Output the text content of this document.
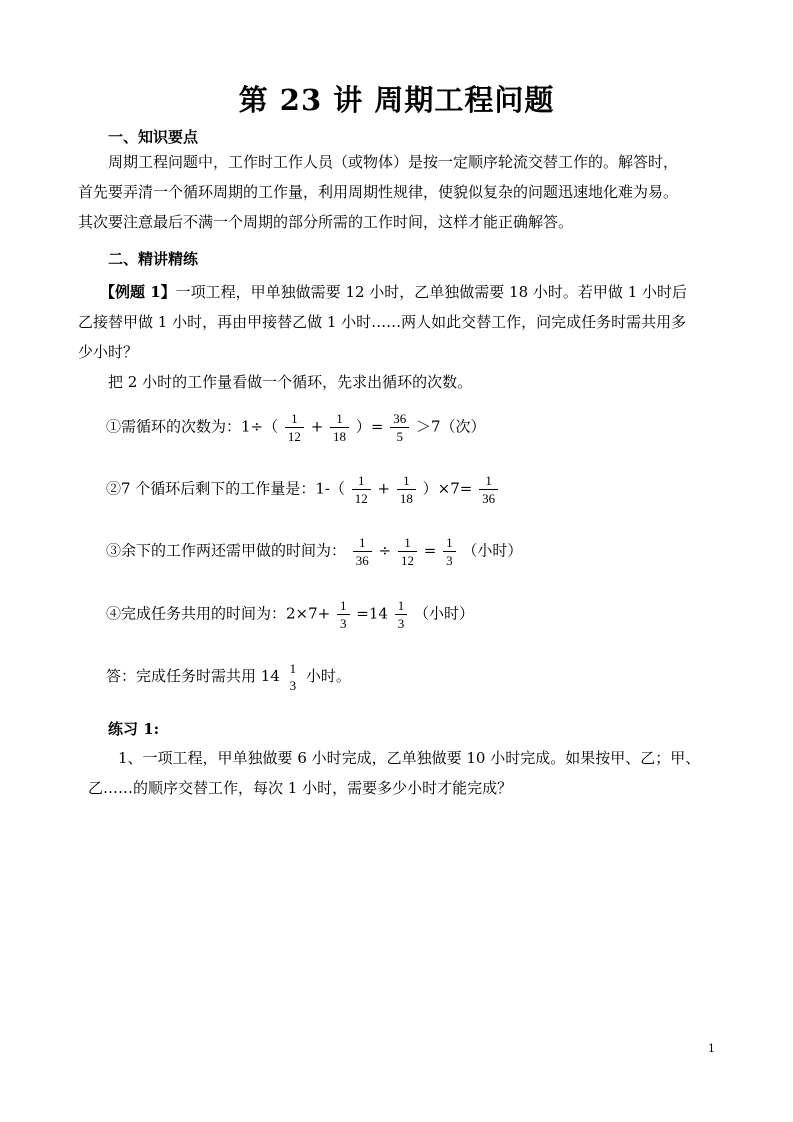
第 23 讲 周期工程问题
一、知识要点
周期工程问题中，工作时工作人员（或物体）是按一定顺序轮流交替工作的。解答时，
首先要弄清一个循环周期的工作量，利用周期性规律，使貌似复杂的问题迅速地化难为易。
其次要注意最后不满一个周期的部分所需的工作时间，这样才能正确解答。
二、精讲精练
【例题 1】一项工程，甲单独做需要 12 小时，乙单独做需要 18 小时。若甲做 1 小时后
乙接替甲做 1 小时，再由甲接替乙做 1 小时……两人如此交替工作，问完成任务时需共用多
少小时？
把 2 小时的工作量看做一个循环，先求出循环的次数。
①需循环的次数为：$1\div( \frac{1}{12} + \frac{1}{18}$ ）= $\frac{36}{5} >7$（次）
②7 个循环后剩下的工作量是：$1-( \frac{1}{12} + \frac{1}{18} )\times 7= \frac{1}{36}$
③余下的工作两还需甲做的时间为： $\frac{1}{36} \div \frac{1}{12} = \frac{1}{3}$ （小时）
④完成任务共用的时间为：$2\times 7+ \frac{1}{3} =14 \frac{1}{3}$ （小时）
答：完成任务时需共用 14 1
3
小时。
练习 1:
1、一项工程，甲单独做要 6 小时完成，乙单独做要 10 小时完成。如果按甲、乙；甲、
乙……的顺序交替工作，每次 1 小时，需要多少小时才能完成？
1
